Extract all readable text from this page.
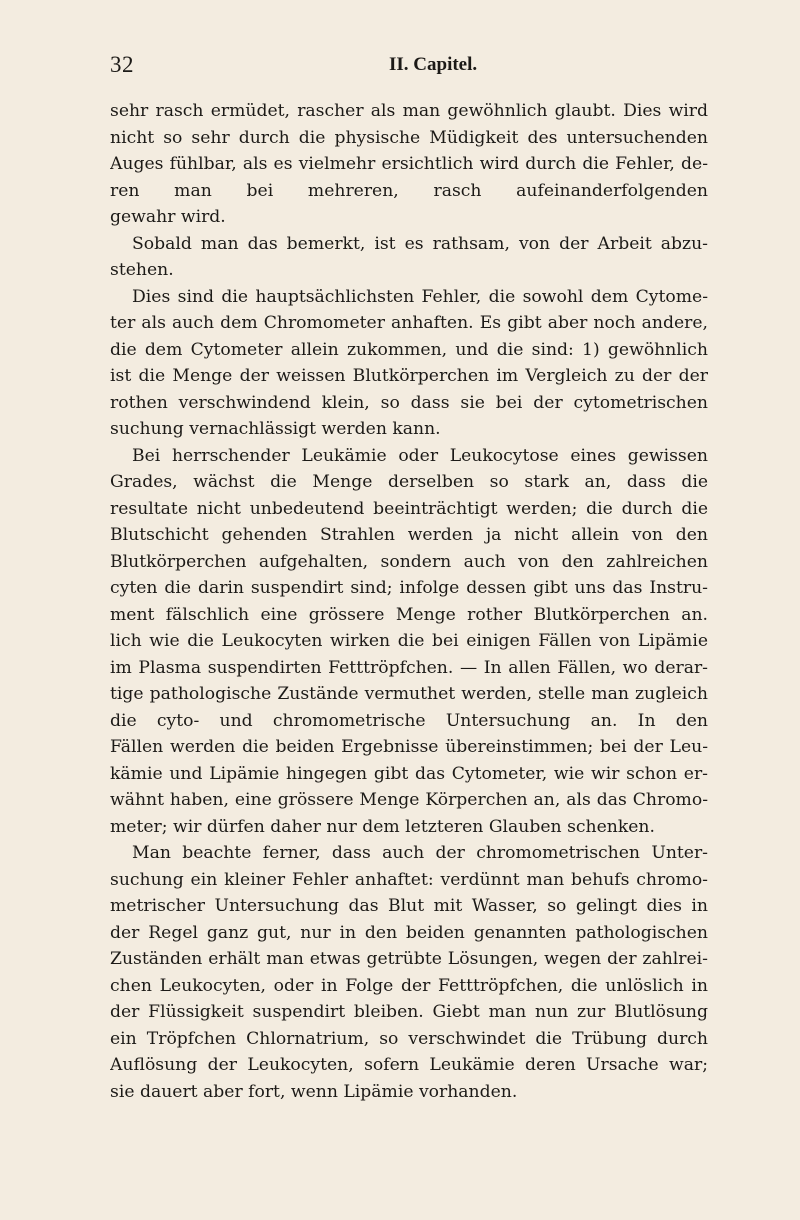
32	II. Capitel.
sehr rasch ermüdet, rascher als man gewöhnlich glaubt. Dies wird
nicht so sehr durch die physische Müdigkeit des untersuchenden
Auges fühlbar, als es vielmehr ersichtlich wird durch die Fehler, de-
ren man bei mehreren, rasch aufeinanderfolgenden
gewahr wird.
Sobald man das bemerkt, ist es rathsam, von der Arbeit abzu-
stehen.
Dies sind die hauptsächlichsten Fehler, die sowohl dem Cytome-
ter als auch dem Chromometer anhaften. Es gibt aber noch andere,
die dem Cytometer allein zukommen, und die sind: 1) gewöhnlich
ist die Menge der weissen Blutkörperchen im Vergleich zu der der
rothen verschwindend klein, so dass sie bei der cytometrischen
suchung vernachlässigt werden kann.
Bei herrschender Leukämie oder Leukocytose eines gewissen
Grades, wächst die Menge derselben so stark an, dass die
resultate nicht unbedeutend beeinträchtigt werden; die durch die
Blutschicht gehenden Strahlen werden ja nicht allein von den
Blutkörperchen aufgehalten, sondern auch von den zahlreichen
cyten die darin suspendirt sind; infolge dessen gibt uns das Instru-
ment fälschlich eine grössere Menge rother Blutkörperchen an.
lich wie die Leukocyten wirken die bei einigen Fällen von Lipämie
im Plasma suspendirten Fetttröpfchen. — In allen Fällen, wo derar-
tige pathologische Zustände vermuthet werden, stelle man zugleich
die cyto- und chromometrische Untersuchung an. In den
Fällen werden die beiden Ergebnisse übereinstimmen; bei der Leu-
kämie und Lipämie hingegen gibt das Cytometer, wie wir schon er-
wähnt haben, eine grössere Menge Körperchen an, als das Chromo-
meter; wir dürfen daher nur dem letzteren Glauben schenken.
Man beachte ferner, dass auch der chromometrischen Unter-
suchung ein kleiner Fehler anhaftet: verdünnt man behufs chromo-
metrischer Untersuchung das Blut mit Wasser, so gelingt dies in
der Regel ganz gut, nur in den beiden genannten pathologischen
Zuständen erhält man etwas getrübte Lösungen, wegen der zahlrei-
chen Leukocyten, oder in Folge der Fetttröpfchen, die unlöslich in
der Flüssigkeit suspendirt bleiben. Giebt man nun zur Blutlösung
ein Tröpfchen Chlornatrium, so verschwindet die Trübung durch
Auflösung der Leukocyten, sofern Leukämie deren Ursache war;
sie dauert aber fort, wenn Lipämie vorhanden.
